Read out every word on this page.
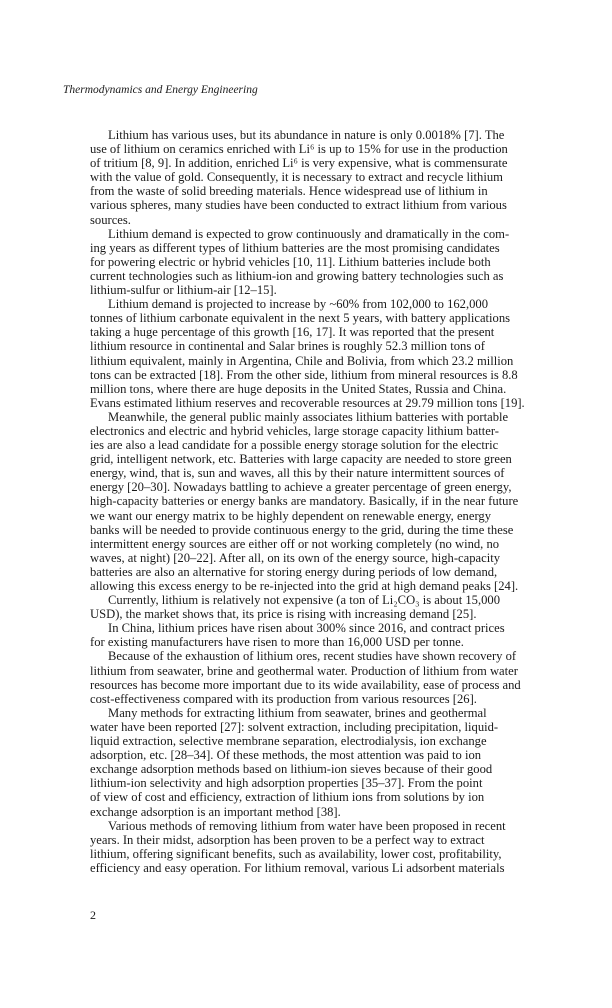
Thermodynamics and Energy Engineering
Lithium has various uses, but its abundance in nature is only 0.0018% [7]. The
use of lithium on ceramics enriched with Li⁶ is up to 15% for use in the production
of tritium [8, 9]. In addition, enriched Li⁶ is very expensive, what is commensurate
with the value of gold. Consequently, it is necessary to extract and recycle lithium
from the waste of solid breeding materials. Hence widespread use of lithium in
various spheres, many studies have been conducted to extract lithium from various
sources.
Lithium demand is expected to grow continuously and dramatically in the com-
ing years as different types of lithium batteries are the most promising candidates
for powering electric or hybrid vehicles [10, 11]. Lithium batteries include both
current technologies such as lithium-ion and growing battery technologies such as
lithium-sulfur or lithium-air [12–15].
Lithium demand is projected to increase by ~60% from 102,000 to 162,000
tonnes of lithium carbonate equivalent in the next 5 years, with battery applications
taking a huge percentage of this growth [16, 17]. It was reported that the present
lithium resource in continental and Salar brines is roughly 52.3 million tons of
lithium equivalent, mainly in Argentina, Chile and Bolivia, from which 23.2 million
tons can be extracted [18]. From the other side, lithium from mineral resources is 8.8
million tons, where there are huge deposits in the United States, Russia and China.
Evans estimated lithium reserves and recoverable resources at 29.79 million tons [19].
Meanwhile, the general public mainly associates lithium batteries with portable
electronics and electric and hybrid vehicles, large storage capacity lithium batter-
ies are also a lead candidate for a possible energy storage solution for the electric
grid, intelligent network, etc. Batteries with large capacity are needed to store green
energy, wind, that is, sun and waves, all this by their nature intermittent sources of
energy [20–30]. Nowadays battling to achieve a greater percentage of green energy,
high-capacity batteries or energy banks are mandatory. Basically, if in the near future
we want our energy matrix to be highly dependent on renewable energy, energy
banks will be needed to provide continuous energy to the grid, during the time these
intermittent energy sources are either off or not working completely (no wind, no
waves, at night) [20–22]. After all, on its own of the energy source, high-capacity
batteries are also an alternative for storing energy during periods of low demand,
allowing this excess energy to be re-injected into the grid at high demand peaks [24].
Currently, lithium is relatively not expensive (a ton of Li₂CO₃ is about 15,000
USD), the market shows that, its price is rising with increasing demand [25].
In China, lithium prices have risen about 300% since 2016, and contract prices
for existing manufacturers have risen to more than 16,000 USD per tonne.
Because of the exhaustion of lithium ores, recent studies have shown recovery of
lithium from seawater, brine and geothermal water. Production of lithium from water
resources has become more important due to its wide availability, ease of process and
cost-effectiveness compared with its production from various resources [26].
Many methods for extracting lithium from seawater, brines and geothermal
water have been reported [27]: solvent extraction, including precipitation, liquid-
liquid extraction, selective membrane separation, electrodialysis, ion exchange
adsorption, etc. [28–34]. Of these methods, the most attention was paid to ion
exchange adsorption methods based on lithium-ion sieves because of their good
lithium-ion selectivity and high adsorption properties [35–37]. From the point
of view of cost and efficiency, extraction of lithium ions from solutions by ion
exchange adsorption is an important method [38].
Various methods of removing lithium from water have been proposed in recent
years. In their midst, adsorption has been proven to be a perfect way to extract
lithium, offering significant benefits, such as availability, lower cost, profitability,
efficiency and easy operation. For lithium removal, various Li adsorbent materials
2
